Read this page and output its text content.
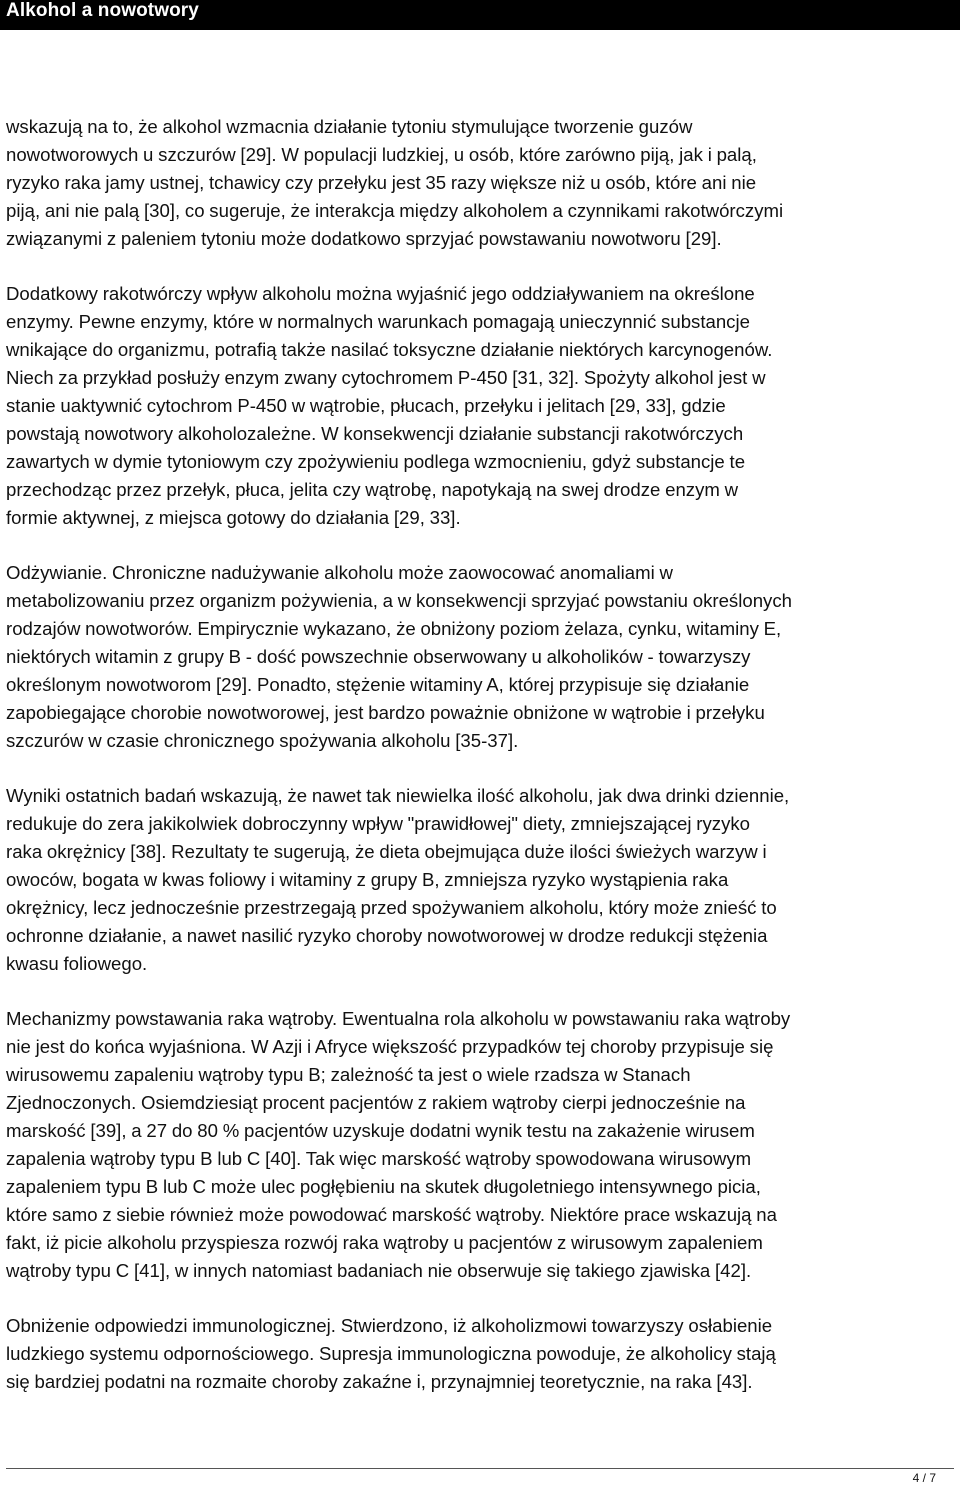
Alkohol a nowotwory

wskazują na to, że alkohol wzmacnia działanie tytoniu stymulujące tworzenie guzów
nowotworowych u szczurów [29]. W populacji ludzkiej, u osób, które zarówno piją, jak i palą,
ryzyko raka jamy ustnej, tchawicy czy przełyku jest 35 razy większe niż u osób, które ani nie
piją, ani nie palą [30], co sugeruje, że interakcja między alkoholem a czynnikami rakotwórczymi
związanymi z paleniem tytoniu może dodatkowo sprzyjać powstawaniu nowotworu [29].

Dodatkowy rakotwórczy wpływ alkoholu można wyjaśnić jego oddziaływaniem na określone
enzymy. Pewne enzymy, które w normalnych warunkach pomagają unieczynnić substancje
wnikające do organizmu, potrafią także nasilać toksyczne działanie niektórych karcynogenów.
Niech za przykład posłuży enzym zwany cytochromem P-450 [31, 32]. Spożyty alkohol jest w
stanie uaktywnić cytochrom P-450 w wątrobie, płucach, przełyku i jelitach [29, 33], gdzie
powstają nowotwory alkoholozależne. W konsekwencji działanie substancji rakotwórczych
zawartych w dymie tytoniowym czy zpożywieniu podlega wzmocnieniu, gdyż substancje te
przechodząc przez przełyk, płuca, jelita czy wątrobę, napotykają na swej drodze enzym w
formie aktywnej, z miejsca gotowy do działania [29, 33].

Odżywianie. Chroniczne nadużywanie alkoholu może zaowocować anomaliami w
metabolizowaniu przez organizm pożywienia, a w konsekwencji sprzyjać powstaniu określonych
rodzajów nowotworów. Empirycznie wykazano, że obniżony poziom żelaza, cynku, witaminy E,
niektórych witamin z grupy B - dość powszechnie obserwowany u alkoholików - towarzyszy
określonym nowotworom [29]. Ponadto, stężenie witaminy A, której przypisuje się działanie
zapobiegające chorobie nowotworowej, jest bardzo poważnie obniżone w wątrobie i przełyku
szczurów w czasie chronicznego spożywania alkoholu [35-37].

Wyniki ostatnich badań wskazują, że nawet tak niewielka ilość alkoholu, jak dwa drinki dziennie,
redukuje do zera jakikolwiek dobroczynny wpływ "prawidłowej" diety, zmniejszającej ryzyko
raka okrężnicy [38]. Rezultaty te sugerują, że dieta obejmująca duże ilości świeżych warzyw i
owoców, bogata w kwas foliowy i witaminy z grupy B, zmniejsza ryzyko wystąpienia raka
okrężnicy, lecz jednocześnie przestrzegają przed spożywaniem alkoholu, który może znieść to
ochronne działanie, a nawet nasilić ryzyko choroby nowotworowej w drodze redukcji stężenia
kwasu foliowego.

Mechanizmy powstawania raka wątroby. Ewentualna rola alkoholu w powstawaniu raka wątroby
nie jest do końca wyjaśniona. W Azji i Afryce większość przypadków tej choroby przypisuje się
wirusowemu zapaleniu wątroby typu B; zależność ta jest o wiele rzadsza w Stanach
Zjednoczonych. Osiemdziesiąt procent pacjentów z rakiem wątroby cierpi jednocześnie na
marskość [39], a 27 do 80 % pacjentów uzyskuje dodatni wynik testu na zakażenie wirusem
zapalenia wątroby typu B lub C [40]. Tak więc marskość wątroby spowodowana wirusowym
zapaleniem typu B lub C może ulec pogłębieniu na skutek długoletniego intensywnego picia,
które samo z siebie również może powodować marskość wątroby. Niektóre prace wskazują na
fakt, iż picie alkoholu przyspiesza rozwój raka wątroby u pacjentów z wirusowym zapaleniem
wątroby typu C [41], w innych natomiast badaniach nie obserwuje się takiego zjawiska [42].

Obniżenie odpowiedzi immunologicznej. Stwierdzono, iż alkoholizmowi towarzyszy osłabienie
ludzkiego systemu odpornościowego. Supresja immunologiczna powoduje, że alkoholicy stają
się bardziej podatni na rozmaite choroby zakaźne i, przynajmniej teoretycznie, na raka [43].

4 / 7
